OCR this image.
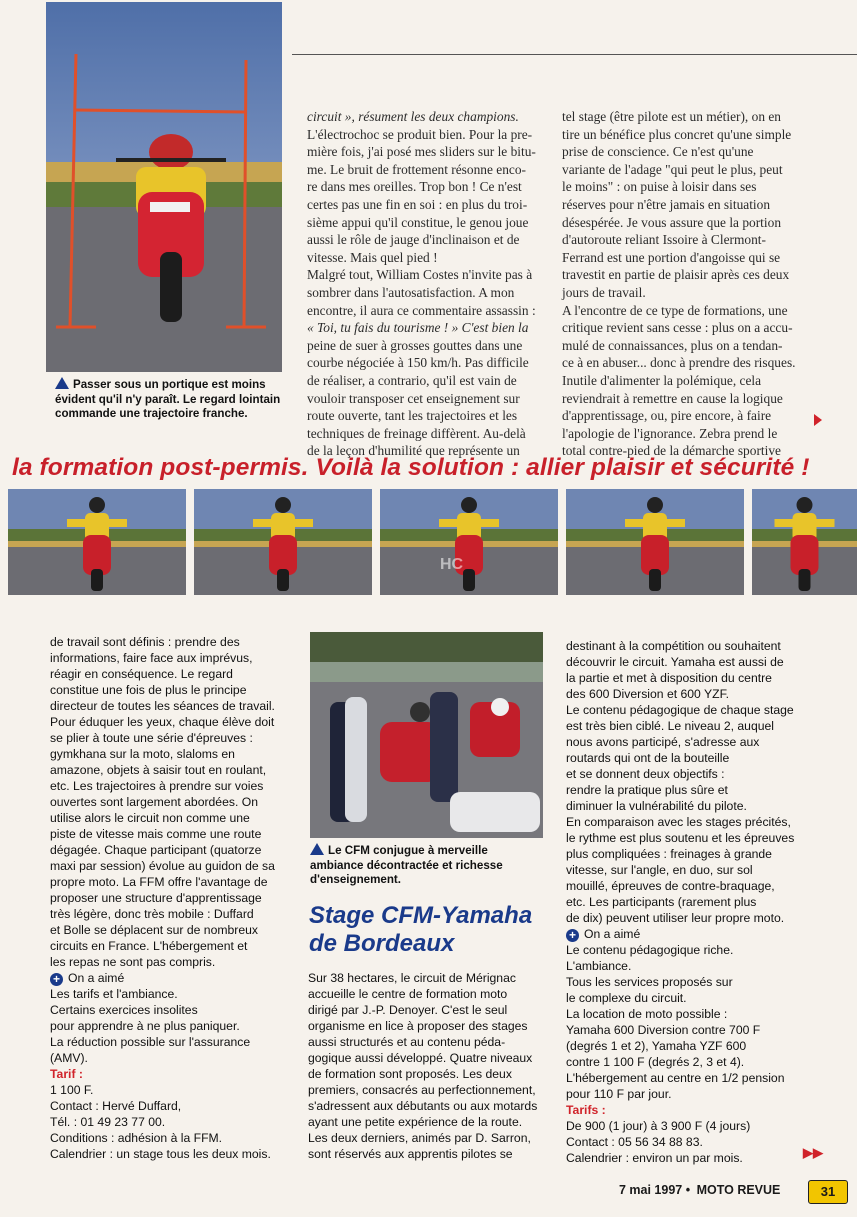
Passer sous un portique est moins
évident qu'il n'y paraît. Le regard lointain
commande une trajectoire franche.

circuit », résument les deux champions.

L'électrochoc se produit bien. Pour la pre-

mière fois, j'ai posé mes sliders sur le bitu-

me. Le bruit de frottement résonne enco-

re dans mes oreilles. Trop bon ! Ce n'est

certes pas une fin en soi : en plus du troi-

sième appui qu'il constitue, le genou joue

aussi le rôle de jauge d'inclinaison et de

vitesse. Mais quel pied !

Malgré tout, William Costes n'invite pas à

sombrer dans l'autosatisfaction. A mon

encontre, il aura ce commentaire assassin :

« Toi, tu fais du tourisme ! » C'est bien la

peine de suer à grosses gouttes dans une

courbe négociée à 150 km/h. Pas difficile

de réaliser, a contrario, qu'il est vain de

vouloir transposer cet enseignement sur

route ouverte, tant les trajectoires et les

techniques de freinage diffèrent. Au-delà

de la leçon d'humilité que représente un

tel stage (être pilote est un métier), on en

tire un bénéfice plus concret qu'une simple

prise de conscience. Ce n'est qu'une

variante de l'adage "qui peut le plus, peut

le moins" : on puise à loisir dans ses

réserves pour n'être jamais en situation

désespérée. Je vous assure que la portion

d'autoroute reliant Issoire à Clermont-

Ferrand est une portion d'angoisse qui se

travestit en partie de plaisir après ces deux

jours de travail.

A l'encontre de ce type de formations, une

critique revient sans cesse : plus on a accu-

mulé de connaissances, plus on a tendan-

ce à en abuser... donc à prendre des risques.

Inutile d'alimenter la polémique, cela

reviendrait à remettre en cause la logique

d'apprentissage, ou, pire encore, à faire

l'apologie de l'ignorance. Zebra prend le

total contre-pied de la démarche sportive

la formation post-permis. Voilà la solution : allier plaisir et sécurité !
HC

de travail sont définis : prendre des

informations, faire face aux imprévus,

réagir en conséquence. Le regard

constitue une fois de plus le principe

directeur de toutes les séances de travail.

Pour éduquer les yeux, chaque élève doit

se plier à toute une série d'épreuves :

gymkhana sur la moto, slaloms en

amazone, objets à saisir tout en roulant,

etc. Les trajectoires à prendre sur voies

ouvertes sont largement abordées. On

utilise alors le circuit non comme une

piste de vitesse mais comme une route

dégagée. Chaque participant (quatorze

maxi par session) évolue au guidon de sa

propre moto. La FFM offre l'avantage de

proposer une structure d'apprentissage

très légère, donc très mobile : Duffard

et Bolle se déplacent sur de nombreux

circuits en France. L'hébergement et

les repas ne sont pas compris.

+ On a aimé

Les tarifs et l'ambiance.

Certains exercices insolites

pour apprendre à ne plus paniquer.

La réduction possible sur l'assurance

(AMV).

Tarif :

1 100 F.

Contact : Hervé Duffard,

Tél. : 01 49 23 77 00.

Conditions : adhésion à la FFM.

Calendrier : un stage tous les deux mois.

Le CFM conjugue à merveille
ambiance décontractée et richesse
d'enseignement.
Stage CFM-Yamaha
de Bordeaux

Sur 38 hectares, le circuit de Mérignac

accueille le centre de formation moto

dirigé par J.-P. Denoyer. C'est le seul

organisme en lice à proposer des stages

aussi structurés et au contenu péda-

gogique aussi développé. Quatre niveaux

de formation sont proposés. Les deux

premiers, consacrés au perfectionnement,

s'adressent aux débutants ou aux motards

ayant une petite expérience de la route.

Les deux derniers, animés par D. Sarron,

sont réservés aux apprentis pilotes se

destinant à la compétition ou souhaitent

découvrir le circuit. Yamaha est aussi de

la partie et met à disposition du centre

des 600 Diversion et 600 YZF.

Le contenu pédagogique de chaque stage

est très bien ciblé. Le niveau 2, auquel

nous avons participé, s'adresse aux

routards qui ont de la bouteille

et se donnent deux objectifs :

rendre la pratique plus sûre et

diminuer la vulnérabilité du pilote.

En comparaison avec les stages précités,

le rythme est plus soutenu et les épreuves

plus compliquées : freinages à grande

vitesse, sur l'angle, en duo, sur sol

mouillé, épreuves de contre-braquage,

etc. Les participants (rarement plus

de dix) peuvent utiliser leur propre moto.

+ On a aimé

Le contenu pédagogique riche.

L'ambiance.

Tous les services proposés sur

le complexe du circuit.

La location de moto possible :

Yamaha 600 Diversion contre 700 F

(degrés 1 et 2), Yamaha YZF 600

contre 1 100 F (degrés 2, 3 et 4).

L'hébergement au centre en 1/2 pension

pour 110 F par jour.

Tarifs :

De 900 (1 jour) à 3 900 F (4 jours)

Contact : 05 56 34 88 83.

Calendrier : environ un par mois.	▶▶
7 mai 1997 • MOTO REVUE	31
